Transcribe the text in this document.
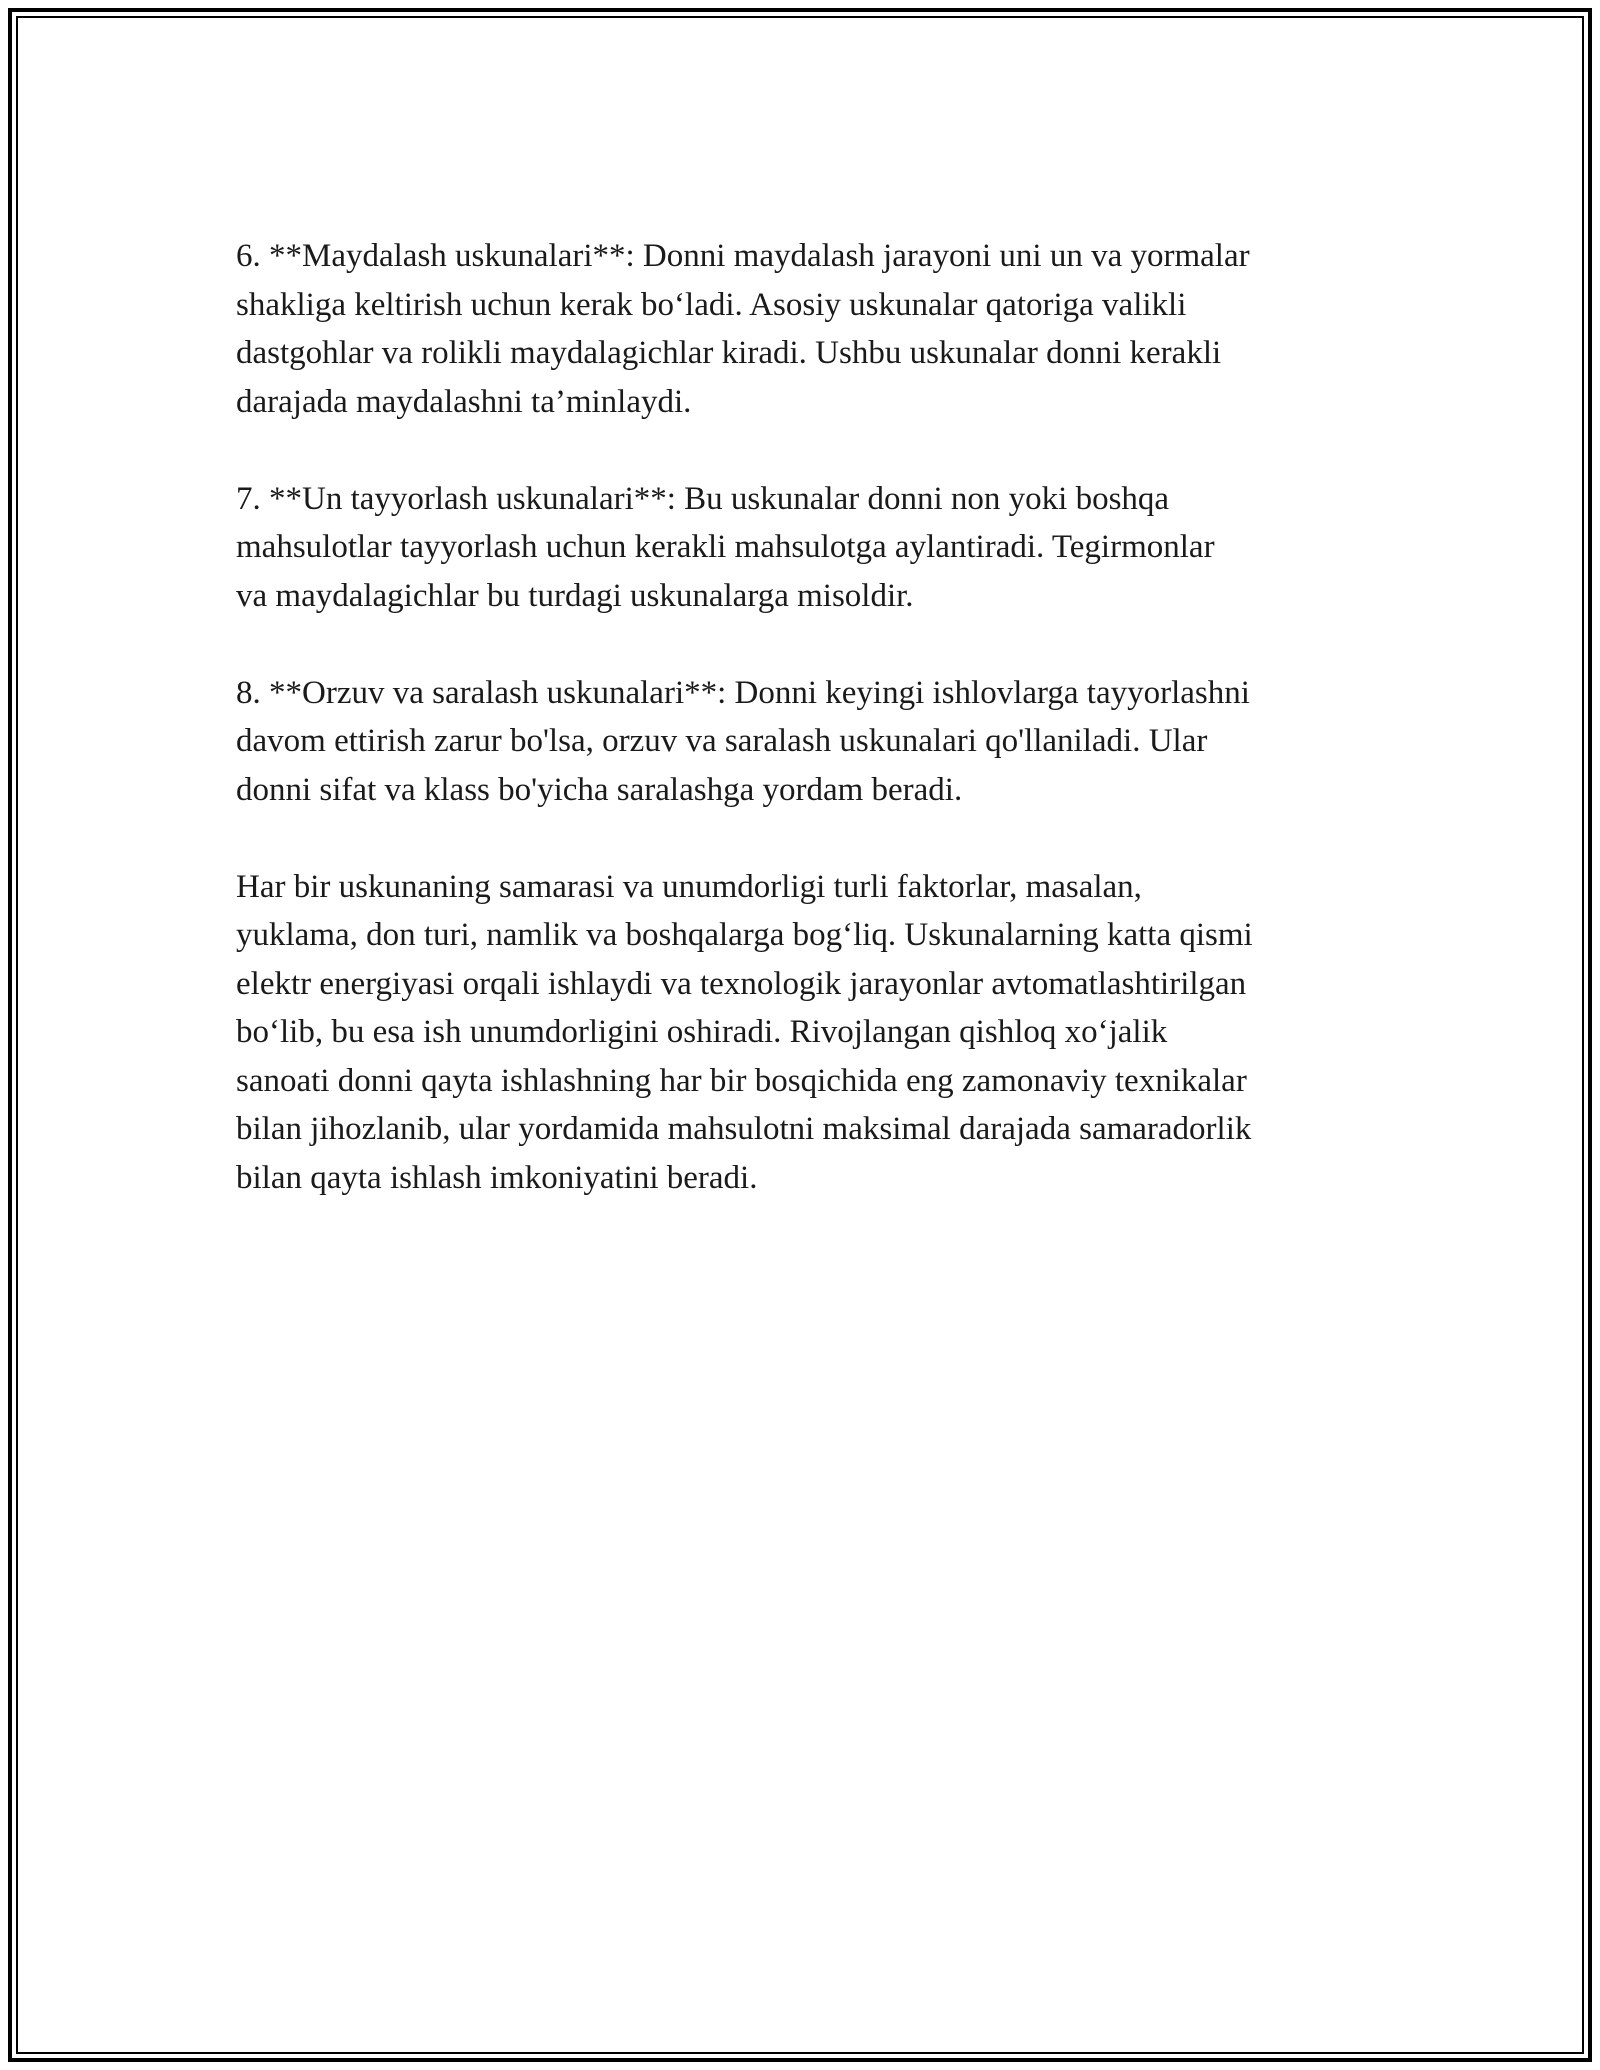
6. **Maydalash uskunalari**: Donni maydalash jarayoni uni un va yormalar
shakliga keltirish uchun kerak bo‘ladi. Asosiy uskunalar qatoriga valikli
dastgohlar va rolikli maydalagichlar kiradi. Ushbu uskunalar donni kerakli
darajada maydalashni ta’minlaydi.

7. **Un tayyorlash uskunalari**: Bu uskunalar donni non yoki boshqa
mahsulotlar tayyorlash uchun kerakli mahsulotga aylantiradi. Tegirmonlar
va maydalagichlar bu turdagi uskunalarga misoldir.

8. **Orzuv va saralash uskunalari**: Donni keyingi ishlovlarga tayyorlashni
davom ettirish zarur bo'lsa, orzuv va saralash uskunalari qo'llaniladi. Ular
donni sifat va klass bo'yicha saralashga yordam beradi.

Har bir uskunaning samarasi va unumdorligi turli faktorlar, masalan,
yuklama, don turi, namlik va boshqalarga bog‘liq. Uskunalarning katta qismi
elektr energiyasi orqali ishlaydi va texnologik jarayonlar avtomatlashtirilgan
bo‘lib, bu esa ish unumdorligini oshiradi. Rivojlangan qishloq xo‘jalik
sanoati donni qayta ishlashning har bir bosqichida eng zamonaviy texnikalar
bilan jihozlanib, ular yordamida mahsulotni maksimal darajada samaradorlik
bilan qayta ishlash imkoniyatini beradi.
